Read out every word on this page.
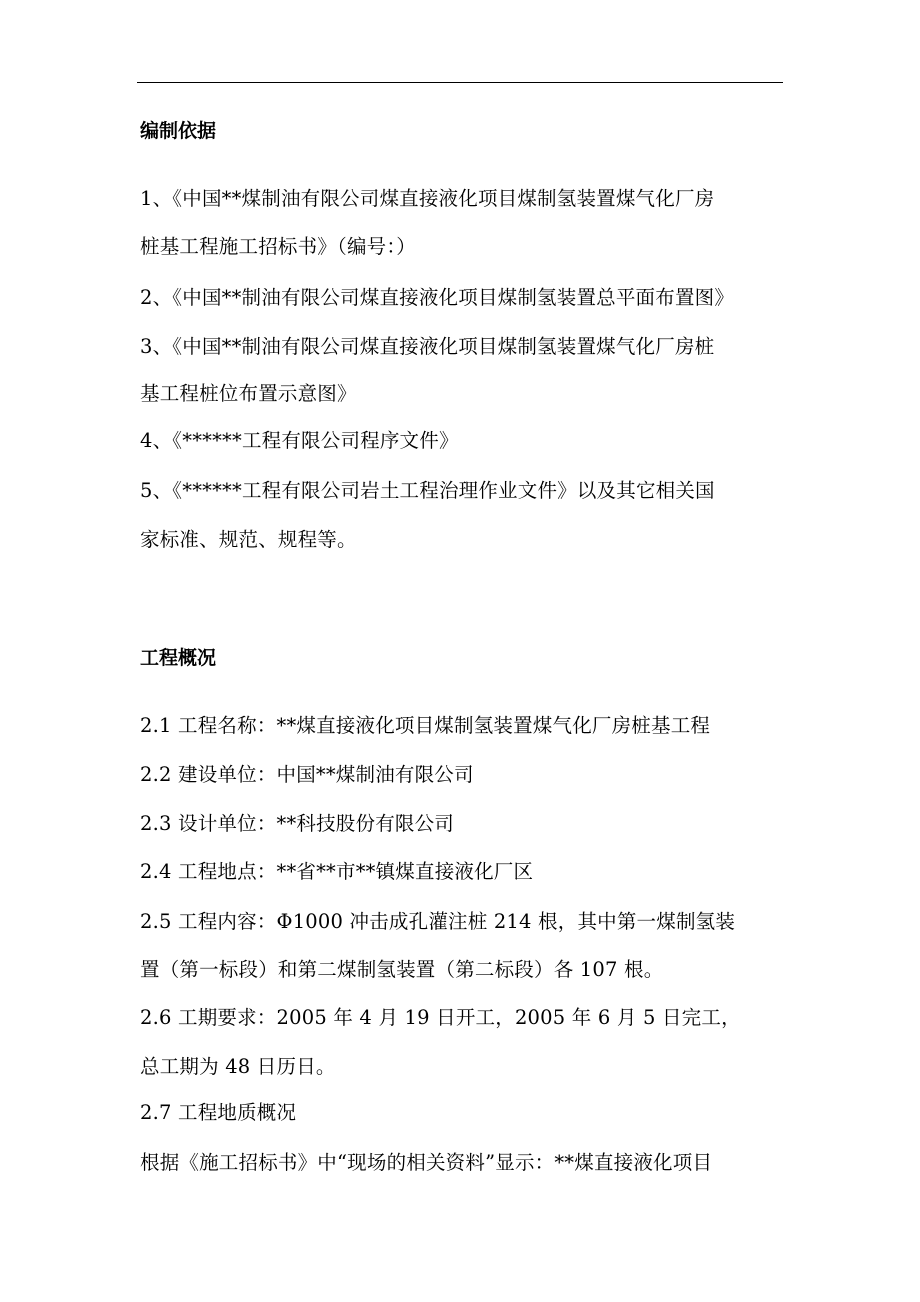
编制依据
1、《中国**煤制油有限公司煤直接液化项目煤制氢装置煤气化厂房
桩基工程施工招标书》（编号：）
2、《中国**制油有限公司煤直接液化项目煤制氢装置总平面布置图》
3、《中国**制油有限公司煤直接液化项目煤制氢装置煤气化厂房桩
基工程桩位布置示意图》
4、《******工程有限公司程序文件》
5、《******工程有限公司岩土工程治理作业文件》以及其它相关国
家标准、规范、规程等。
工程概况
2.1 工程名称：**煤直接液化项目煤制氢装置煤气化厂房桩基工程
2.2 建设单位：中国**煤制油有限公司
2.3 设计单位：**科技股份有限公司
2.4 工程地点：**省**市**镇煤直接液化厂区
2.5 工程内容：Φ1000 冲击成孔灌注桩 214 根，其中第一煤制氢装
置（第一标段）和第二煤制氢装置（第二标段）各 107 根。
2.6 工期要求：2005 年 4 月 19 日开工，2005 年 6 月 5 日完工，
总工期为 48 日历日。
2.7 工程地质概况
根据《施工招标书》中“现场的相关资料”显示：**煤直接液化项目
